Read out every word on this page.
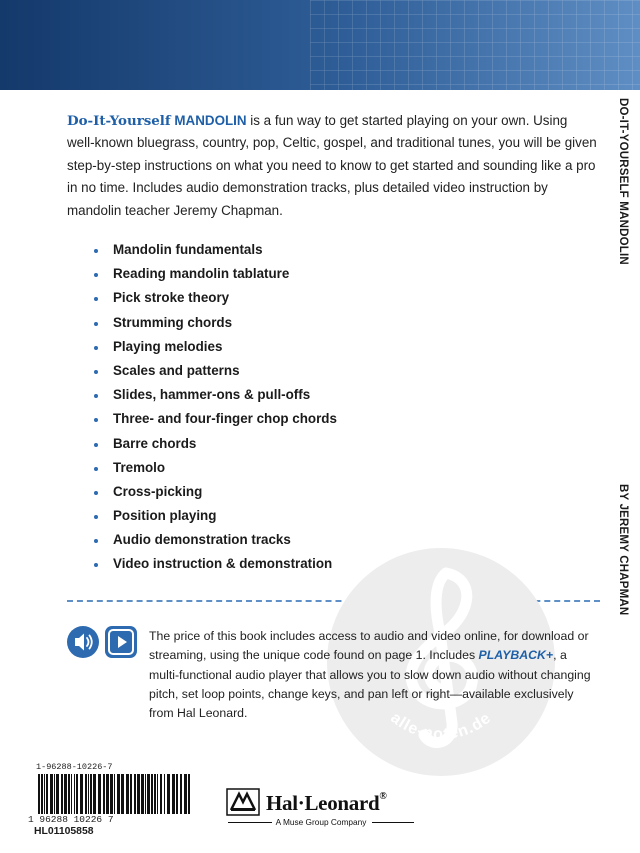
Do-It-Yourself MANDOLIN is a fun way to get started playing on your own. Using well-known bluegrass, country, pop, Celtic, gospel, and traditional tunes, you will be given step-by-step instructions on what you need to know to get started and sounding like a pro in no time. Includes audio demonstration tracks, plus detailed video instruction by mandolin teacher Jeremy Chapman.
Mandolin fundamentals
Reading mandolin tablature
Pick stroke theory
Strumming chords
Playing melodies
Scales and patterns
Slides, hammer-ons & pull-offs
Three- and four-finger chop chords
Barre chords
Tremolo
Cross-picking
Position playing
Audio demonstration tracks
Video instruction & demonstration
alle-noten.de
The price of this book includes access to audio and video online, for download or streaming, using the unique code found on page 1. Includes PLAYBACK+, a multi-functional audio player that allows you to slow down audio without changing pitch, set loop points, change keys, and pan left or right—available exclusively from Hal Leonard.
DO-IT-YOURSELF MANDOLIN
BY JEREMY CHAPMAN
1-96288-10226-7
1 96288 10226 7
HL01105858
Hal·Leonard®
A Muse Group Company
